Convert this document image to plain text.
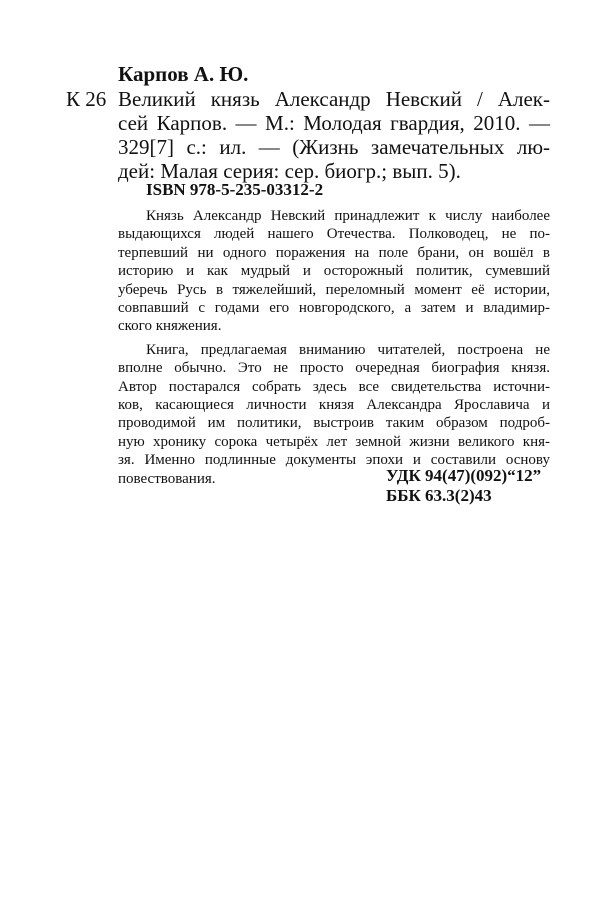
Карпов А. Ю.
К 26 Великий князь Александр Невский / Алек-
сей Карпов. — М.: Молодая гвардия, 2010. —
329[7] с.: ил. — (Жизнь замечательных лю-
дей: Малая серия: сер. биогр.; вып. 5).
ISBN 978-5-235-03312-2
Князь Александр Невский принадлежит к числу наиболее
выдающихся людей нашего Отечества. Полководец, не по-
терпевший ни одного поражения на поле брани, он вошёл в
историю и как мудрый и осторожный политик, сумевший
уберечь Русь в тяжелейший, переломный момент её истории,
совпавший с годами его новгородского, а затем и владимир-
ского княжения.
Книга, предлагаемая вниманию читателей, построена не
вполне обычно. Это не просто очередная биография князя.
Автор постарался собрать здесь все свидетельства источни-
ков, касающиеся личности князя Александра Ярославича и
проводимой им политики, выстроив таким образом подроб-
ную хронику сорока четырёх лет земной жизни великого кня-
зя. Именно подлинные документы эпохи и составили основу
повествования.	УДК 94(47)(092)“12”
ББК 63.3(2)43
